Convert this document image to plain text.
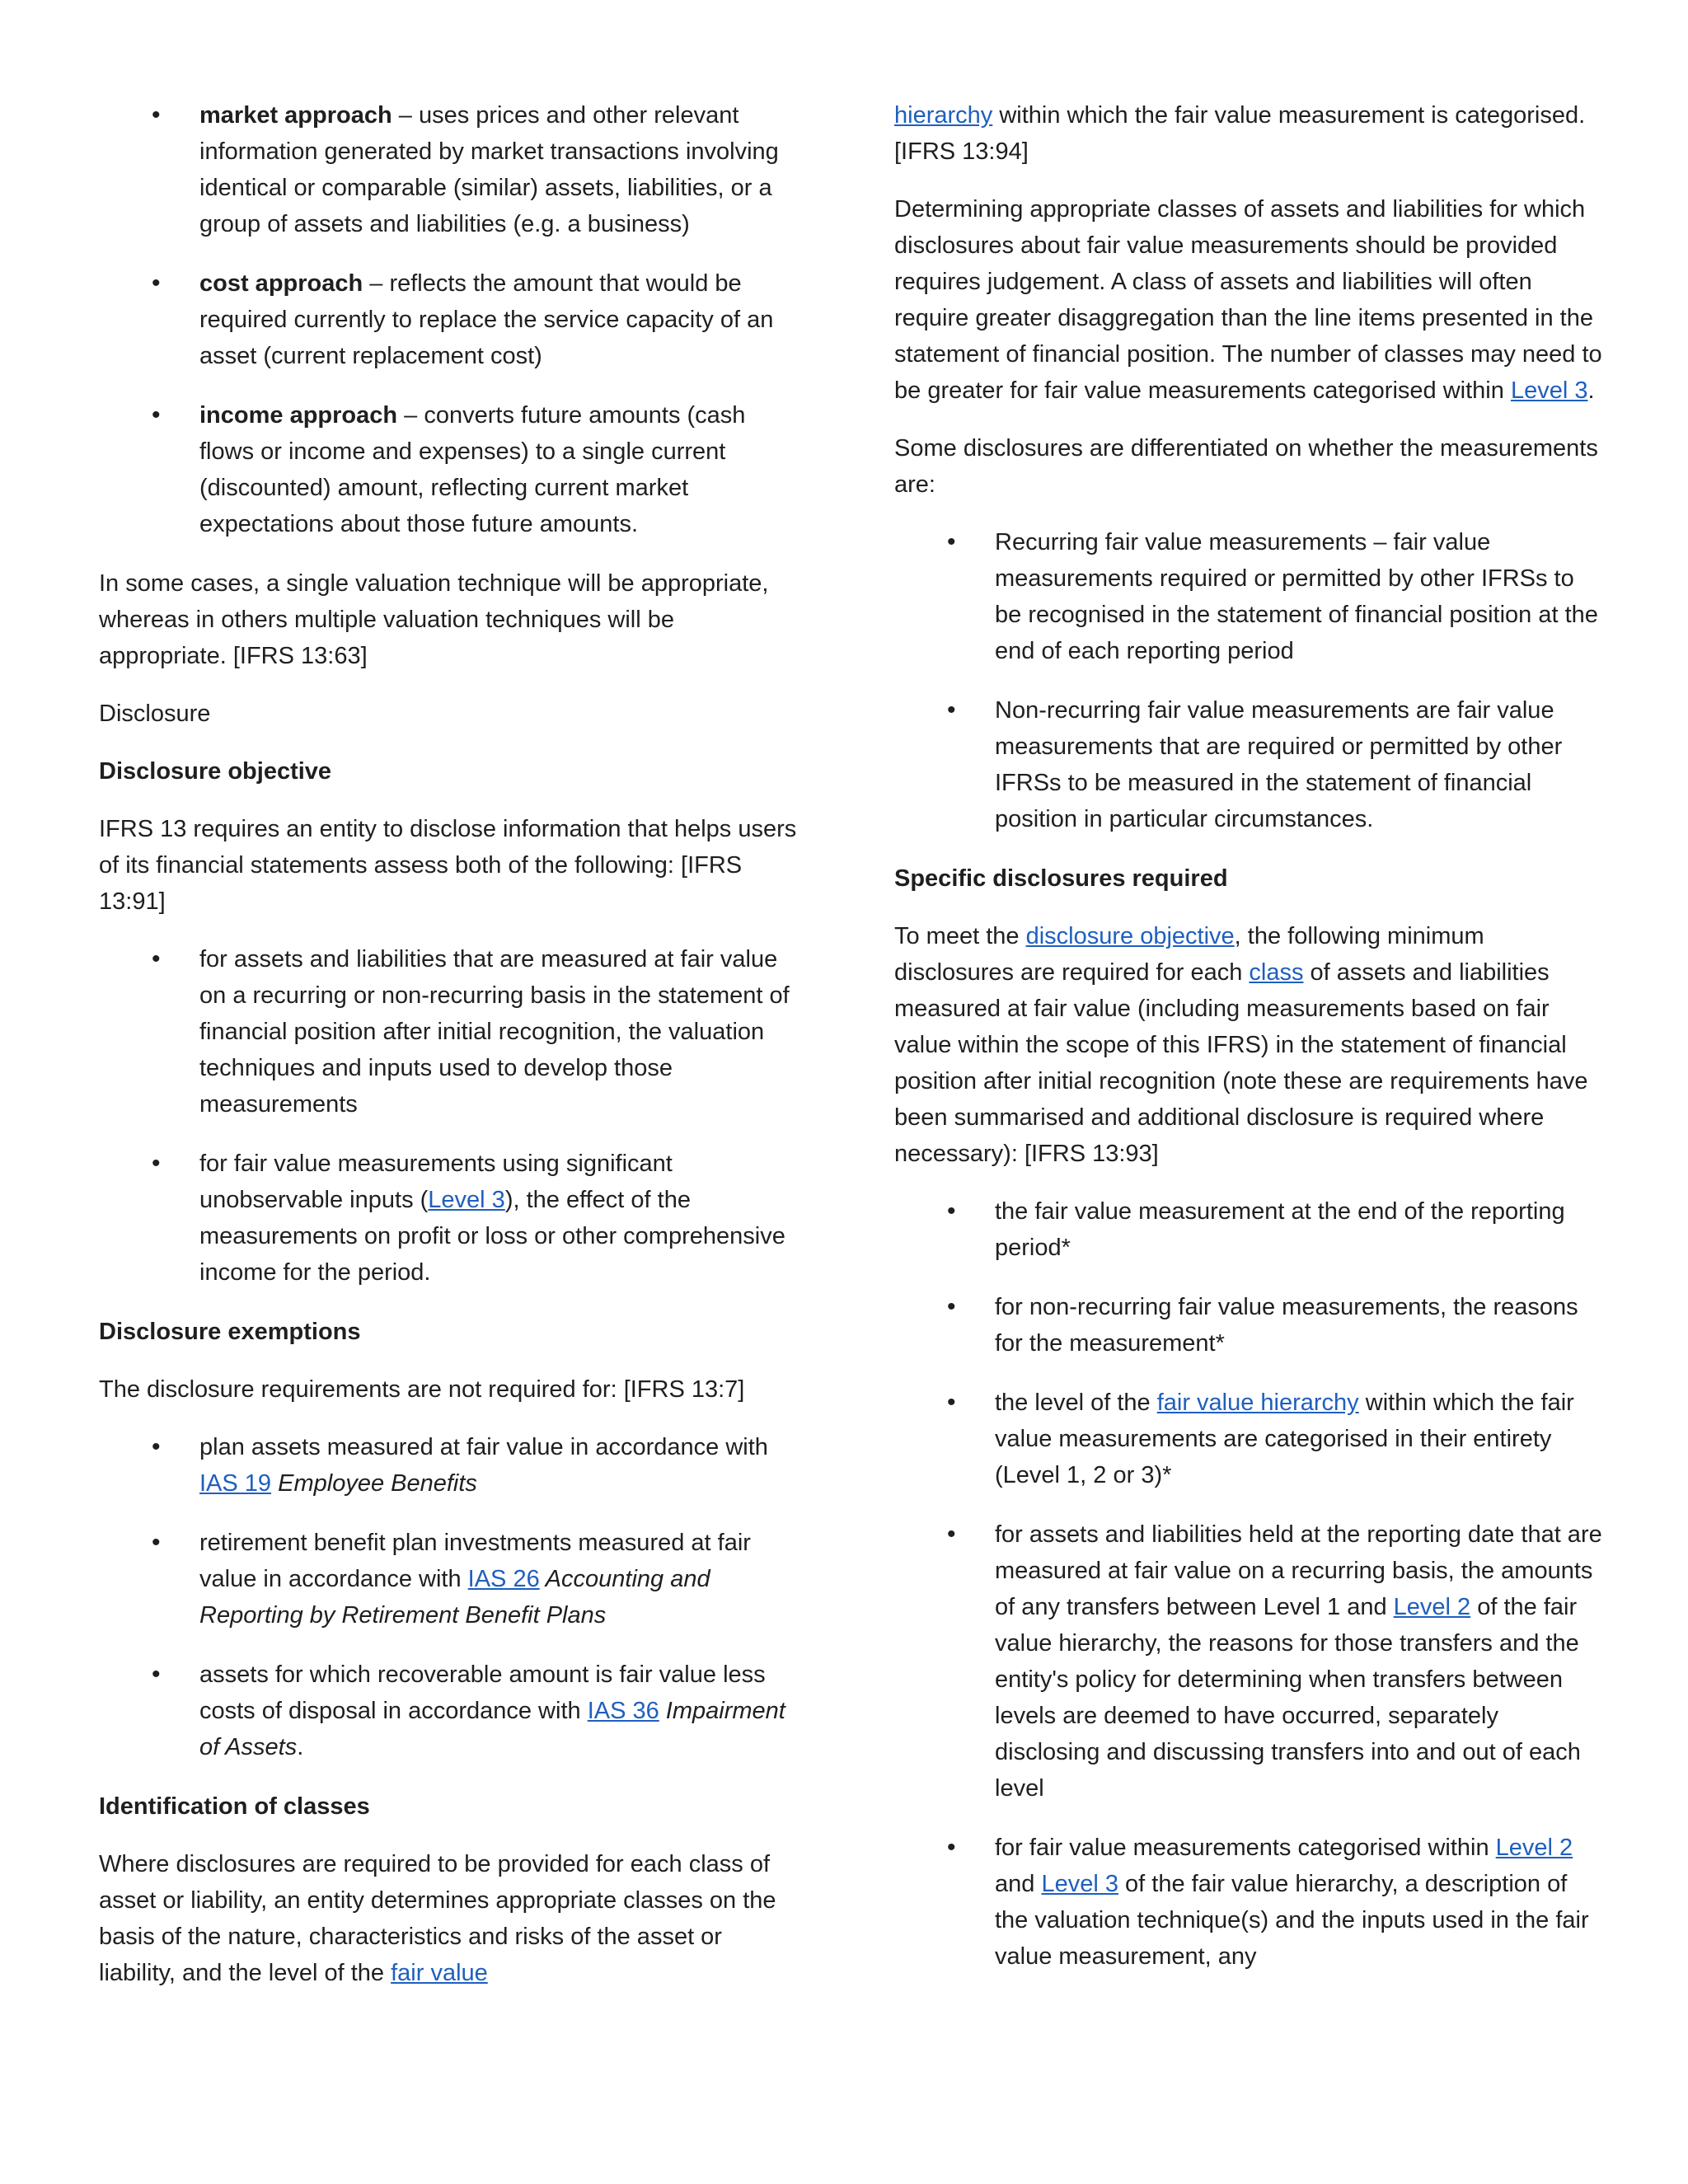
• market approach – uses prices and other relevant information generated by market transactions involving identical or comparable (similar) assets, liabilities, or a group of assets and liabilities (e.g. a business)
• cost approach – reflects the amount that would be required currently to replace the service capacity of an asset (current replacement cost)
• income approach – converts future amounts (cash flows or income and expenses) to a single current (discounted) amount, reflecting current market expectations about those future amounts.

In some cases, a single valuation technique will be appropriate, whereas in others multiple valuation techniques will be appropriate. [IFRS 13:63]

Disclosure
Disclosure objective

IFRS 13 requires an entity to disclose information that helps users of its financial statements assess both of the following: [IFRS 13:91]

• for assets and liabilities that are measured at fair value on a recurring or non-recurring basis in the statement of financial position after initial recognition, the valuation techniques and inputs used to develop those measurements
• for fair value measurements using significant unobservable inputs (Level 3), the effect of the measurements on profit or loss or other comprehensive income for the period.
Disclosure exemptions

The disclosure requirements are not required for: [IFRS 13:7]

• plan assets measured at fair value in accordance with IAS 19 Employee Benefits
• retirement benefit plan investments measured at fair value in accordance with IAS 26 Accounting and Reporting by Retirement Benefit Plans
• assets for which recoverable amount is fair value less costs of disposal in accordance with IAS 36 Impairment of Assets.
Identification of classes

Where disclosures are required to be provided for each class of asset or liability, an entity determines appropriate classes on the basis of the nature, characteristics and risks of the asset or liability, and the level of the fair value

hierarchy within which the fair value measurement is categorised. [IFRS 13:94]

Determining appropriate classes of assets and liabilities for which disclosures about fair value measurements should be provided requires judgement. A class of assets and liabilities will often require greater disaggregation than the line items presented in the statement of financial position. The number of classes may need to be greater for fair value measurements categorised within Level 3.

Some disclosures are differentiated on whether the measurements are:

• Recurring fair value measurements – fair value measurements required or permitted by other IFRSs to be recognised in the statement of financial position at the end of each reporting period
• Non-recurring fair value measurements are fair value measurements that are required or permitted by other IFRSs to be measured in the statement of financial position in particular circumstances.
Specific disclosures required

To meet the disclosure objective, the following minimum disclosures are required for each class of assets and liabilities measured at fair value (including measurements based on fair value within the scope of this IFRS) in the statement of financial position after initial recognition (note these are requirements have been summarised and additional disclosure is required where necessary): [IFRS 13:93]

• the fair value measurement at the end of the reporting period*
• for non-recurring fair value measurements, the reasons for the measurement*
• the level of the fair value hierarchy within which the fair value measurements are categorised in their entirety (Level 1, 2 or 3)*
• for assets and liabilities held at the reporting date that are measured at fair value on a recurring basis, the amounts of any transfers between Level 1 and Level 2 of the fair value hierarchy, the reasons for those transfers and the entity's policy for determining when transfers between levels are deemed to have occurred, separately disclosing and discussing transfers into and out of each level
• for fair value measurements categorised within Level 2 and Level 3 of the fair value hierarchy, a description of the valuation technique(s) and the inputs used in the fair value measurement, any
